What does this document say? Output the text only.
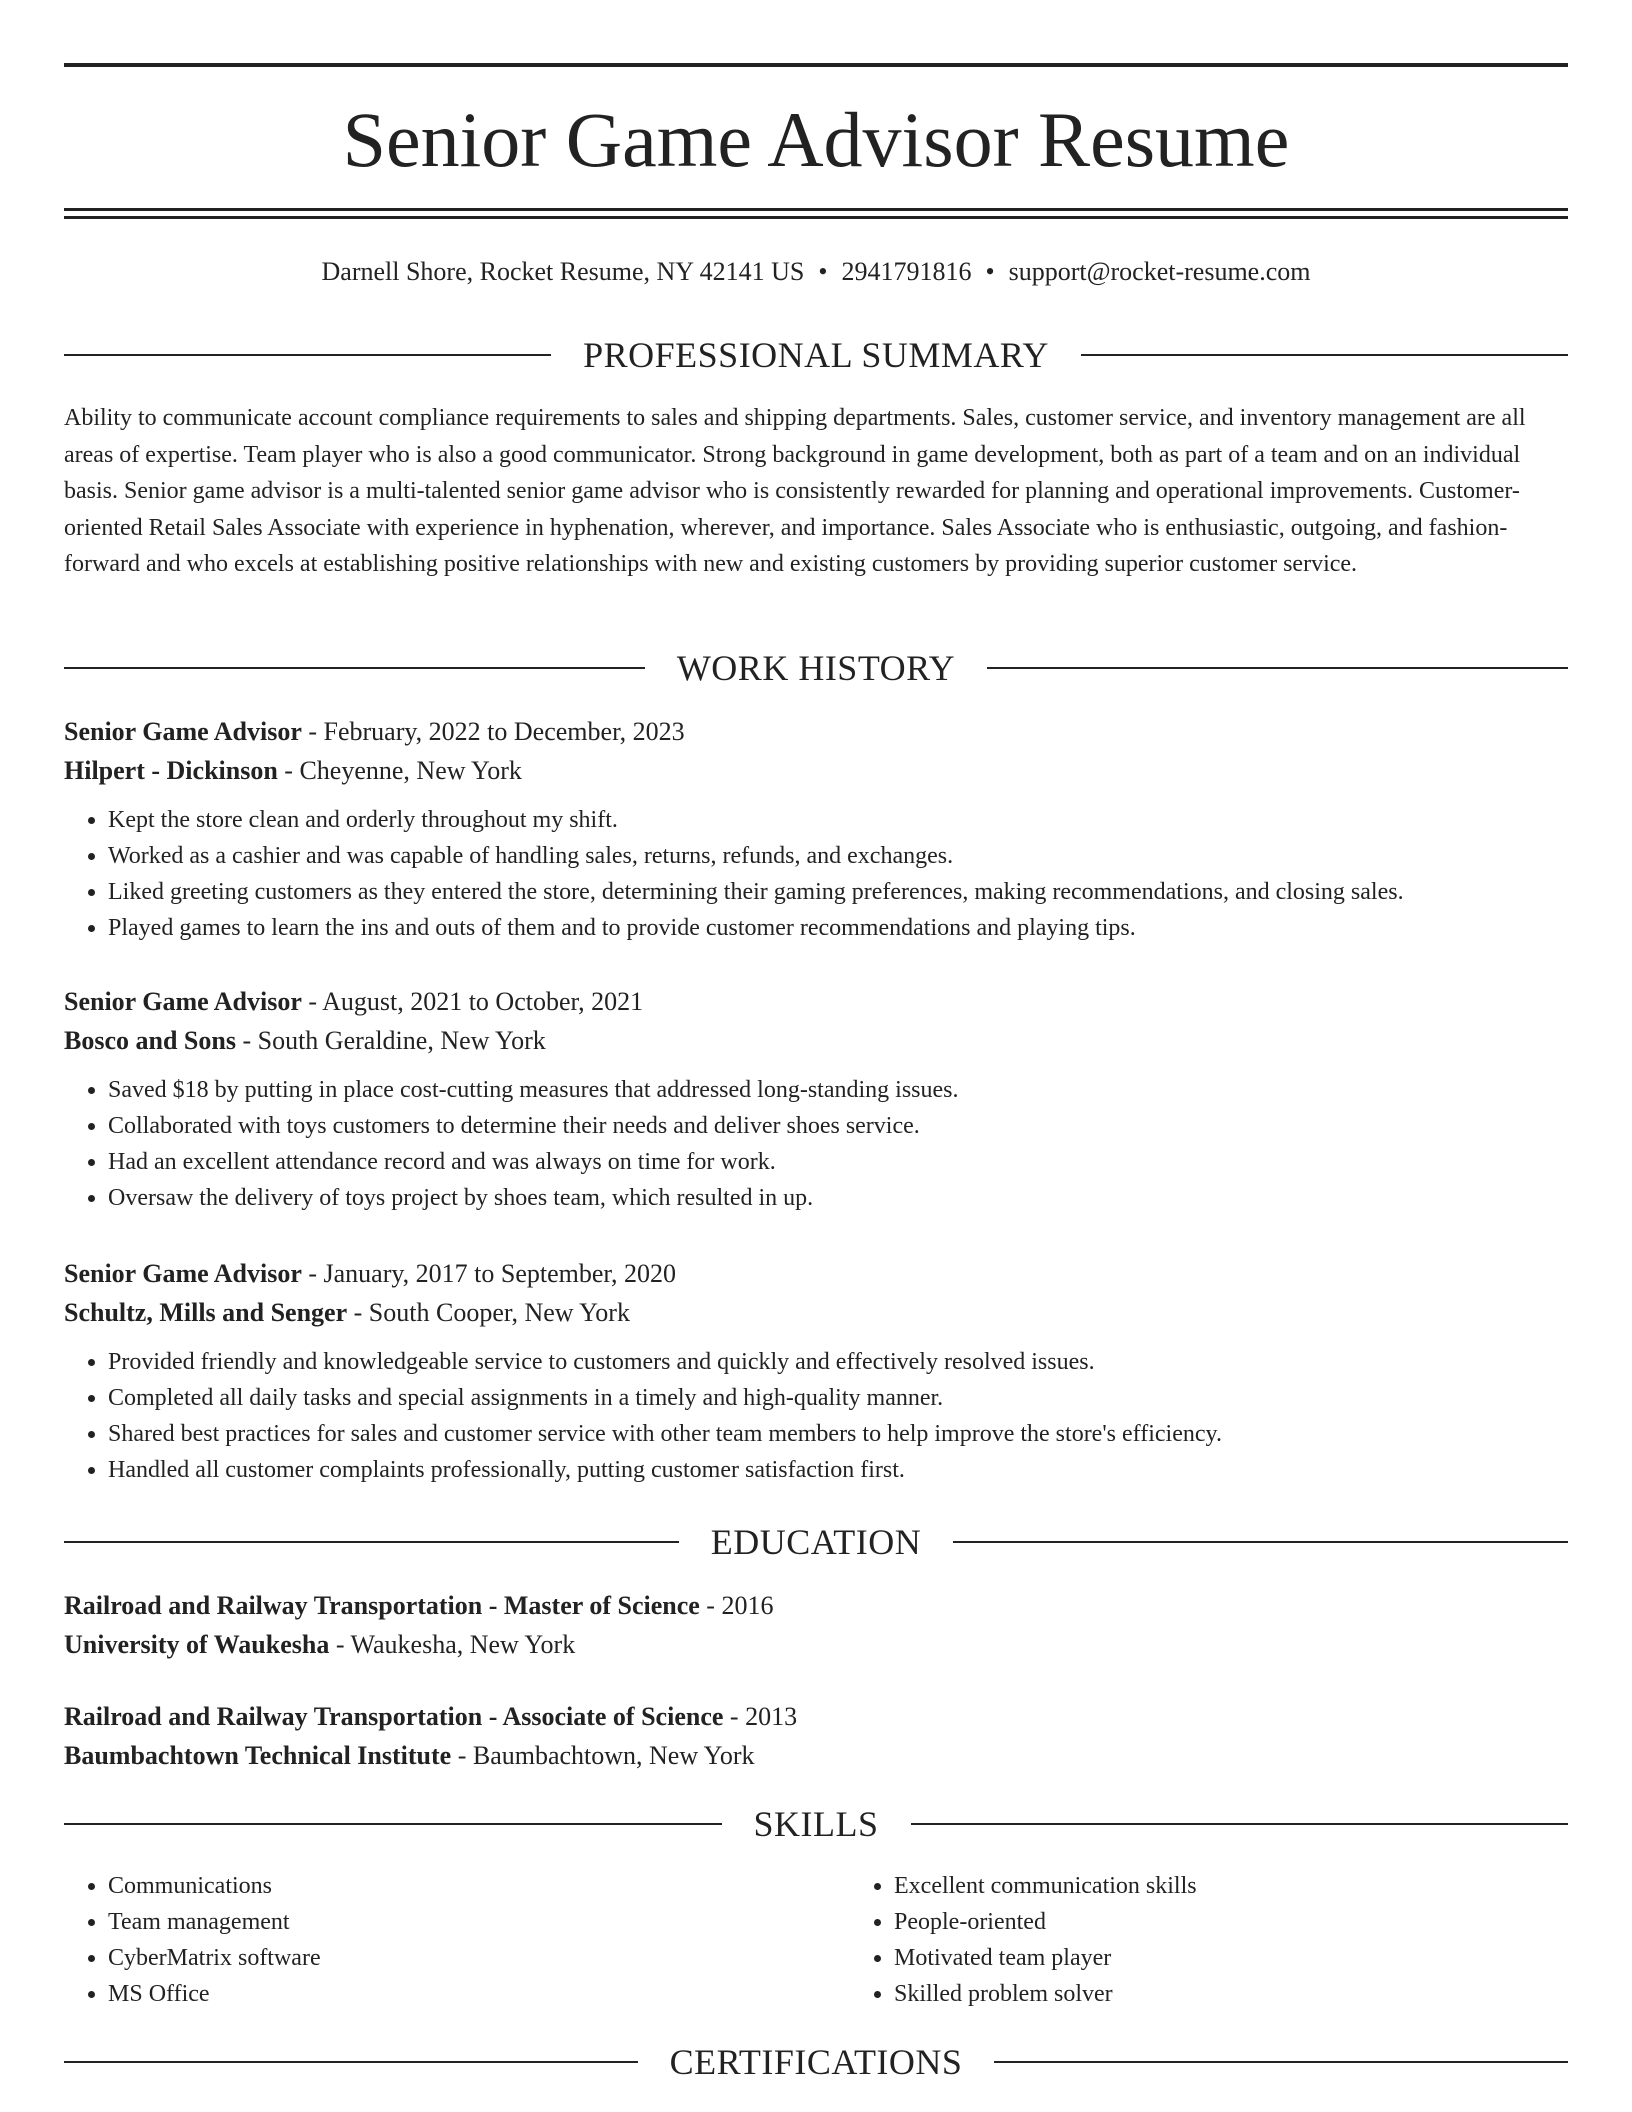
Senior Game Advisor Resume
Darnell Shore, Rocket Resume, NY 42141 US • 2941791816 • support@rocket-resume.com
PROFESSIONAL SUMMARY

Ability to communicate account compliance requirements to sales and shipping departments. Sales, customer service, and inventory management are all areas of expertise. Team player who is also a good communicator. Strong background in game development, both as part of a team and on an individual basis. Senior game advisor is a multi-talented senior game advisor who is consistently rewarded for planning and operational improvements. Customer-oriented Retail Sales Associate with experience in hyphenation, wherever, and importance. Sales Associate who is enthusiastic, outgoing, and fashion-forward and who excels at establishing positive relationships with new and existing customers by providing superior customer service.

WORK HISTORY
Senior Game Advisor - February, 2022 to December, 2023
Hilpert - Dickinson - Cheyenne, New York
• Kept the store clean and orderly throughout my shift.
• Worked as a cashier and was capable of handling sales, returns, refunds, and exchanges.
• Liked greeting customers as they entered the store, determining their gaming preferences, making recommendations, and closing sales.
• Played games to learn the ins and outs of them and to provide customer recommendations and playing tips.
Senior Game Advisor - August, 2021 to October, 2021
Bosco and Sons - South Geraldine, New York
• Saved $18 by putting in place cost-cutting measures that addressed long-standing issues.
• Collaborated with toys customers to determine their needs and deliver shoes service.
• Had an excellent attendance record and was always on time for work.
• Oversaw the delivery of toys project by shoes team, which resulted in up.
Senior Game Advisor - January, 2017 to September, 2020
Schultz, Mills and Senger - South Cooper, New York
• Provided friendly and knowledgeable service to customers and quickly and effectively resolved issues.
• Completed all daily tasks and special assignments in a timely and high-quality manner.
• Shared best practices for sales and customer service with other team members to help improve the store's efficiency.
• Handled all customer complaints professionally, putting customer satisfaction first.
EDUCATION
Railroad and Railway Transportation - Master of Science - 2016
University of Waukesha - Waukesha, New York
Railroad and Railway Transportation - Associate of Science - 2013
Baumbachtown Technical Institute - Baumbachtown, New York
SKILLS
• Communications
• Team management
• CyberMatrix software
• MS Office
• Excellent communication skills
• People-oriented
• Motivated team player
• Skilled problem solver
CERTIFICATIONS
